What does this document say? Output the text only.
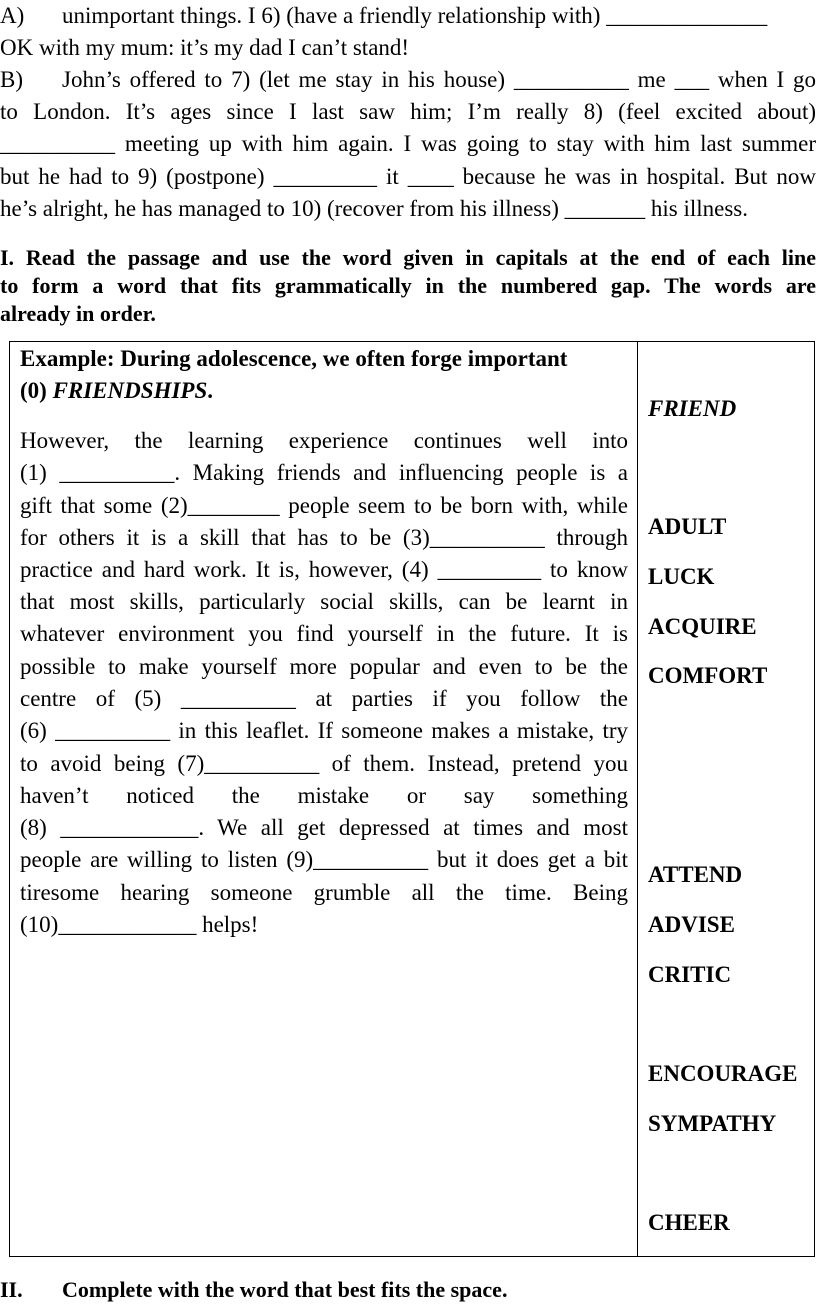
A) unimportant things. I 6) (have a friendly relationship with) ______________
OK with my mum: it’s my dad I can’t stand!
B) John’s offered to 7) (let me stay in his house) __________ me ___ when I go
to London. It’s ages since I last saw him; I’m really 8) (feel excited about)
__________ meeting up with him again. I was going to stay with him last summer
but he had to 9) (postpone) _________ it ____ because he was in hospital. But now
he’s alright, he has managed to 10) (recover from his illness) _______ his illness.
I. Read the passage and use the word given in capitals at the end of each line
to form a word that fits grammatically in the numbered gap. The words are
already in order.
Example: During adolescence, we often forge important
(0) FRIENDSHIPS.
However, the learning experience continues well into
(1) __________. Making friends and influencing people is a
gift that some (2)________ people seem to be born with, while
for others it is a skill that has to be (3)__________ through
practice and hard work. It is, however, (4) _________ to know
that most skills, particularly social skills, can be learnt in
whatever environment you find yourself in the future. It is
possible to make yourself more popular and even to be the
centre of (5) __________ at parties if you follow the
(6) __________ in this leaflet. If someone makes a mistake, try
to avoid being (7)__________ of them. Instead, pretend you
haven’t noticed the mistake or say something
(8) ____________. We all get depressed at times and most
people are willing to listen (9)__________ but it does get a bit
tiresome hearing someone grumble all the time. Being
(10)____________ helps!
FRIEND
ADULT
LUCK
ACQUIRE
COMFORT
ATTEND
ADVISE
CRITIC
ENCOURAGE
SYMPATHY
CHEER
II. Complete with the word that best fits the space.
